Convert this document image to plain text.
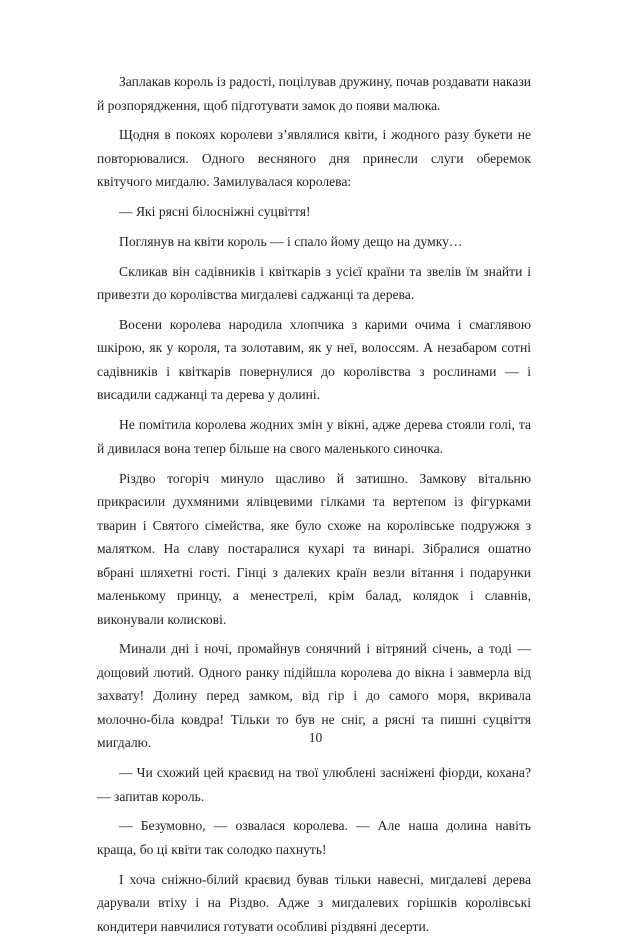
Заплакав король із радості, поцілував дружину, почав роздавати накази й розпорядження, щоб підготувати замок до появи малюка.

Щодня в покоях королеви з’являлися квіти, і жодного разу букети не повторювалися. Одного весняного дня принесли слуги оберемок квітучого мигдалю. Замилувалася королева:

— Які рясні білосніжні суцвіття!

Поглянув на квіти король — і спало йому дещо на думку…

Скликав він садівників і квіткарів з усієї країни та звелів їм знайти і привезти до королівства мигдалеві саджанці та дерева.

Восени королева народила хлопчика з карими очима і смаглявою шкірою, як у короля, та золотавим, як у неї, волоссям. А незабаром сотні садівників і квіткарів повернулися до королівства з рослинами — і висадили саджанці та дерева у долині.

Не помітила королева жодних змін у вікні, адже дерева стояли голі, та й дивилася вона тепер більше на свого маленького синочка.

Різдво тогоріч минуло щасливо й затишно. Замкову вітальню прикрасили духмяними ялівцевими гілками та вертепом із фігурками тварин і Святого сімейства, яке було схоже на королівське подружжя з малятком. На славу постаралися кухарі та винарі. Зібралися ошатно вбрані шляхетні гості. Гінці з далеких країн везли вітання і подарунки маленькому принцу, а менестрелі, крім балад, колядок і славнів, виконували колискові.

Минали дні і ночі, промайнув сонячний і вітряний січень, а тоді — дощовий лютий. Одного ранку підійшла королева до вікна і завмерла від захвату! Долину перед замком, від гір і до самого моря, вкривала молочно-біла ковдра! Тільки то був не сніг, а рясні та пишні суцвіття мигдалю.

— Чи схожий цей краєвид на твої улюблені засніжені фіорди, кохана? — запитав король.

— Безумовно, — озвалася королева. — Але наша долина навіть краща, бо ці квіти так солодко пахнуть!

І хоча сніжно-білий краєвид бував тільки навесні, мигдалеві дерева дарували втіху і на Різдво. Адже з мигдалевих горішків королівські кондитери навчилися готувати особливі різдвяні десерти.

10
